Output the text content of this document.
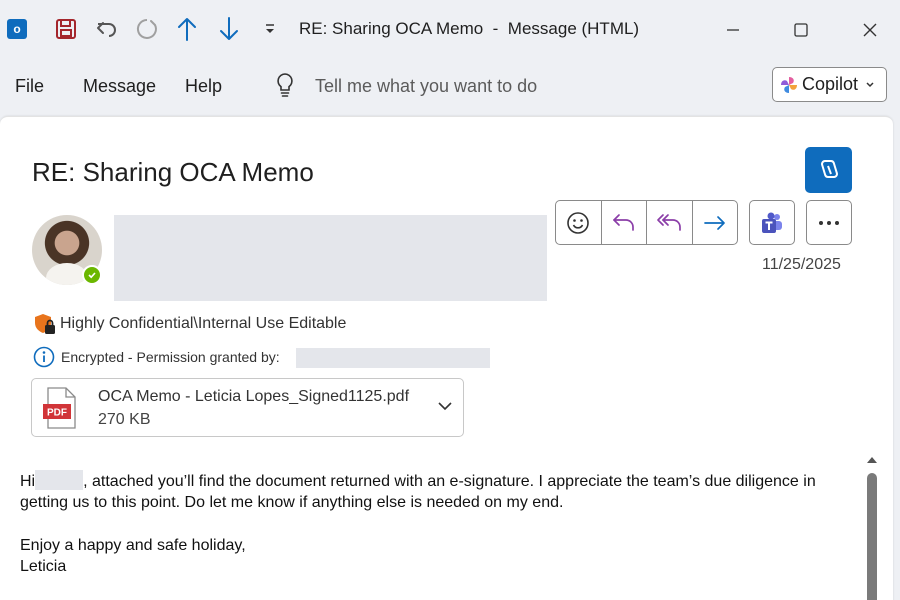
o	RE: Sharing OCA Memo  -  Message (HTML)
File Message Help	Tell me what you want to do	Copilot
RE: Sharing OCA Memo
11/25/2025
Highly Confidential\Internal Use Editable
Encrypted - Permission granted by:
PDF
OCA Memo - Leticia Lopes_Signed1125.pdf
270 KB

Hi	, attached you’ll find the document returned with an e-signature. I appreciate the team’s due diligence in getting us to this point. Do let me know if anything else is needed on my end.

Enjoy a happy and safe holiday,

Leticia
